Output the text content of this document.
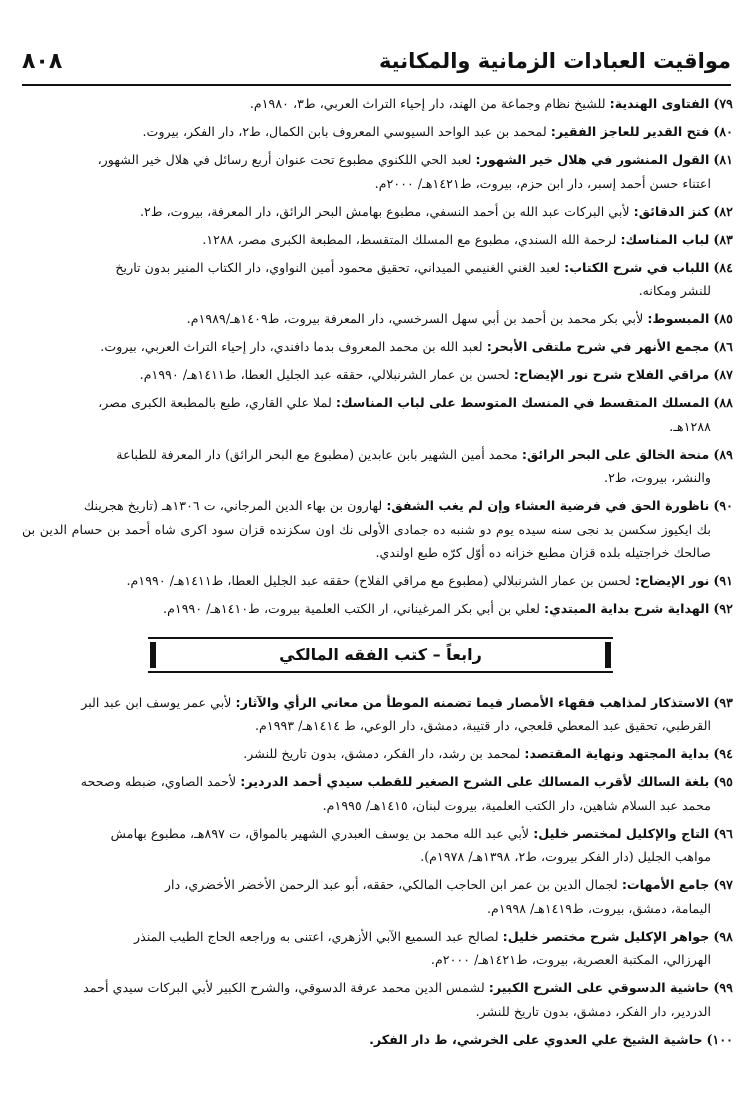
مواقيت العبادات الزمانية والمكانية
٨٠٨

٧٩) الفتاوى الهندية: للشيخ نظام وجماعة من الهند، دار إحياء التراث العربي، ط٣، ١٩٨٠م.

٨٠) فتح القدير للعاجز الفقير: لمحمد بن عبد الواحد السيوسي المعروف بابن الكمال، ط٢، دار الفكر، بيروت.

٨١) القول المنشور في هلال خير الشهور: لعبد الحي اللكنوي مطبوع تحت عنوان أربع رسائل في هلال خير الشهور،
اعتناء حسن أحمد إسبر، دار ابن حزم، بيروت، ط١٤٢١هـ/ ٢٠٠٠م.

٨٢) كنز الدقائق: لأبي البركات عبد الله بن أحمد النسفي، مطبوع بهامش البحر الرائق، دار المعرفة، بيروت، ط٢.

٨٣) لباب المناسك: لرحمة الله السندي، مطبوع مع المسلك المتقسط، المطبعة الكبرى مصر، ١٢٨٨.

٨٤) اللباب في شرح الكتاب: لعبد الغني الغنيمي الميداني، تحقيق محمود أمين النواوي، دار الكتاب المنير بدون تاريخ
للنشر ومكانه.

٨٥) المبسوط: لأبي بكر محمد بن أحمد بن أبي سهل السرخسي، دار المعرفة بيروت، ط١٤٠٩هـ/١٩٨٩م.

٨٦) مجمع الأنهر في شرح ملتقى الأبحر: لعبد الله بن محمد المعروف بدما دافندي، دار إحياء التراث العربي، بيروت.

٨٧) مراقي الفلاح شرح نور الإيضاح: لحسن بن عمار الشرنبلالي، حققه عبد الجليل العطا، ط١٤١١هـ/ ١٩٩٠م.

٨٨) المسلك المتقسط في المنسك المتوسط على لباب المناسك: لملا علي القاري، طبع بالمطبعة الكبرى مصر،
١٢٨٨هـ.

٨٩) منحة الخالق على البحر الرائق: محمد أمين الشهير بابن عابدين (مطبوع مع البحر الرائق) دار المعرفة للطباعة
والنشر، بيروت، ط٢.

٩٠) ناظورة الحق في فرضية العشاء وإن لم يغب الشفق: لهارون بن بهاء الدين المرجاني، ت ١٣٠٦هـ (تاريخ هجرينك
بك ايكيوز سكسن بد نجى سنه سيده يوم دو شنبه ده جمادى الأولى نك اون سكزنده قزان سود اكرى شاه أحمد بن حسام الدين بن صالحك خراجتيله بلده قزان مطبع خزانه ده أوّل كرّه طبع اولندي.

٩١) نور الإيضاح: لحسن بن عمار الشرنبلالي (مطبوع مع مراقي الفلاح) حققه عبد الجليل العطا، ط١٤١١هـ/ ١٩٩٠م.

٩٢) الهداية شرح بداية المبتدي: لعلي بن أبي بكر المرغيناني، ار الكتب العلمية بيروت، ط١٤١٠هـ/ ١٩٩٠م.

رابعاً – كتب الفقه المالكي

٩٣) الاستذكار لمذاهب فقهاء الأمصار فيما تضمنه الموطأ من معاني الرأي والآثار: لأبي عمر يوسف ابن عبد البر
القرطبي، تحقيق عبد المعطي قلعجي، دار قتيبة، دمشق، دار الوعي، ط ١٤١٤هـ/ ١٩٩٣م.

٩٤) بداية المجتهد ونهاية المقتصد: لمحمد بن رشد، دار الفكر، دمشق، بدون تاريخ للنشر.

٩٥) بلغة السالك لأقرب المسالك على الشرح الصغير للقطب سيدي أحمد الدردير: لأحمد الصاوي، ضبطه وصححه
محمد عبد السلام شاهين، دار الكتب العلمية، بيروت لبنان، ١٤١٥هـ/ ١٩٩٥م.

٩٦) التاج والإكليل لمختصر خليل: لأبي عبد الله محمد بن يوسف العبدري الشهير بالمواق، ت ٨٩٧هـ، مطبوع بهامش
مواهب الجليل (دار الفكر بيروت، ط٢، ١٣٩٨هـ/ ١٩٧٨م).

٩٧) جامع الأمهات: لجمال الدين بن عمر ابن الحاجب المالكي، حققه، أبو عبد الرحمن الأخضر الأخضري، دار
اليمامة، دمشق، بيروت، ط١٤١٩هـ/ ١٩٩٨م.

٩٨) جواهر الإكليل شرح مختصر خليل: لصالح عبد السميع الآبي الأزهري، اعتنى به وراجعه الحاج الطيب المنذر
الهرزالي، المكتبة العصرية، بيروت، ط١٤٢١هـ/ ٢٠٠٠م.

٩٩) حاشية الدسوقي على الشرح الكبير: لشمس الدين محمد عرفة الدسوقي، والشرح الكبير لأبي البركات سيدي أحمد
الدردير، دار الفكر، دمشق، بدون تاريخ للنشر.

١٠٠) حاشية الشيخ علي العدوي على الخرشي، ط دار الفكر.
